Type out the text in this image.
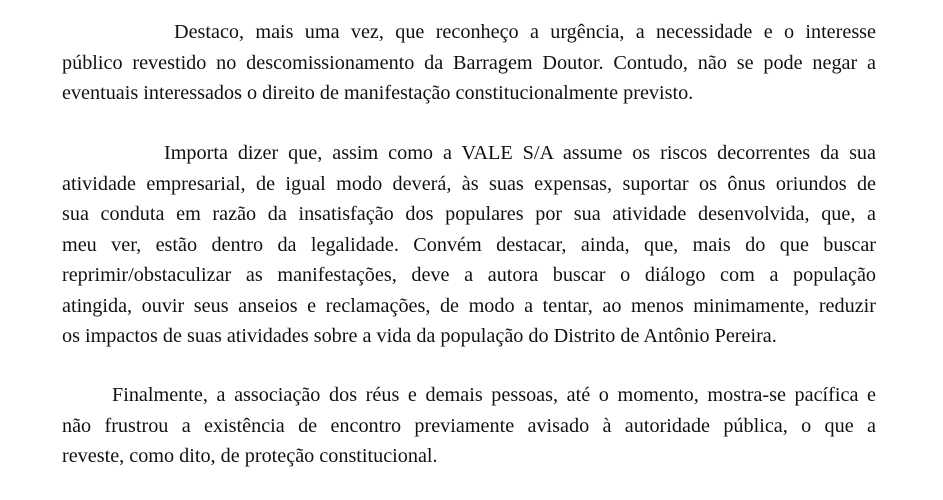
Destaco, mais uma vez, que reconheço a urgência, a necessidade e o interesse
público revestido no descomissionamento da Barragem Doutor. Contudo, não se pode negar a
eventuais interessados o direito de manifestação constitucionalmente previsto.
Importa dizer que, assim como a VALE S/A assume os riscos decorrentes da sua
atividade empresarial, de igual modo deverá, às suas expensas, suportar os ônus oriundos de
sua conduta em razão da insatisfação dos populares por sua atividade desenvolvida, que, a
meu ver, estão dentro da legalidade. Convém destacar, ainda, que, mais do que buscar
reprimir/obstaculizar as manifestações, deve a autora buscar o diálogo com a população
atingida, ouvir seus anseios e reclamações, de modo a tentar, ao menos minimamente, reduzir
os impactos de suas atividades sobre a vida da população do Distrito de Antônio Pereira.
Finalmente, a associação dos réus e demais pessoas, até o momento, mostra-se pacífica e
não frustrou a existência de encontro previamente avisado à autoridade pública, o que a
reveste, como dito, de proteção constitucional.
